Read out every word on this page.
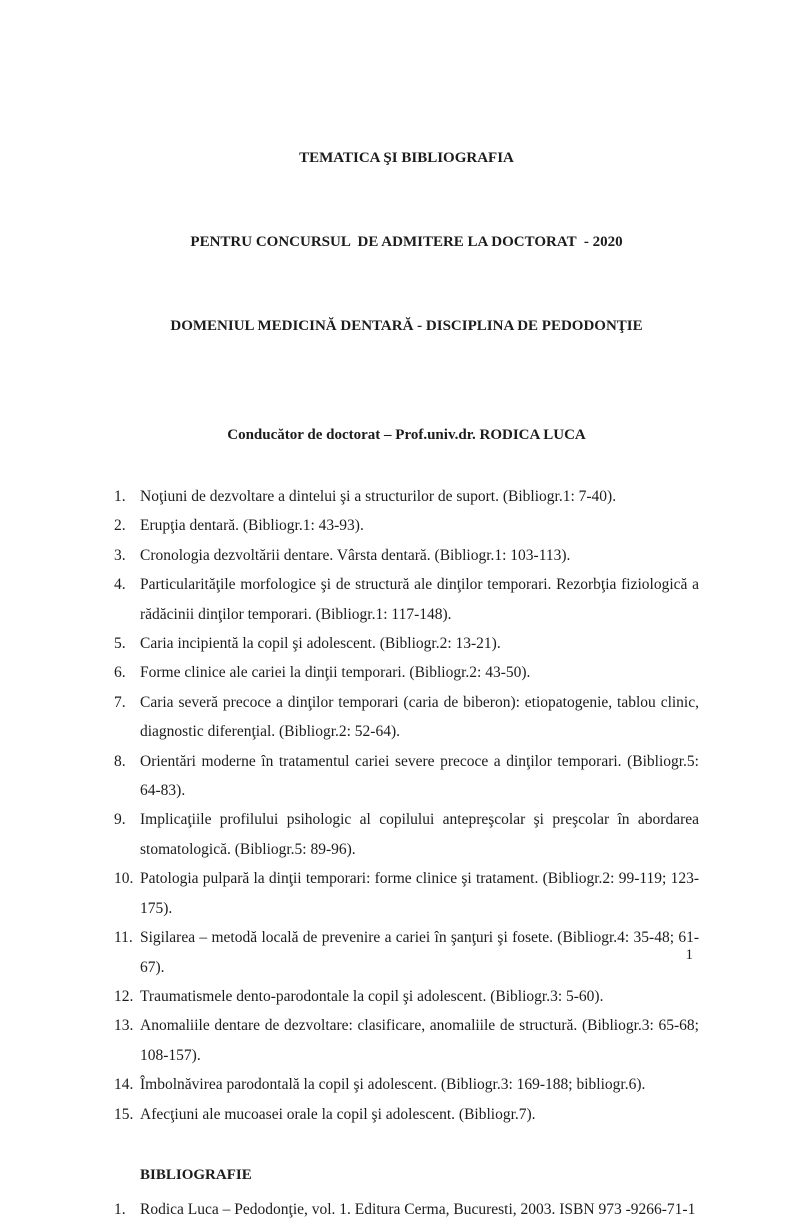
TEMATICA ŞI BIBLIOGRAFIA

PENTRU CONCURSUL  DE ADMITERE LA DOCTORAT  - 2020

DOMENIUL MEDICINĂ DENTARĂ - DISCIPLINA DE PEDODONŢIE

Conducător de doctorat – Prof.univ.dr. RODICA LUCA
1. Noţiuni de dezvoltare a dintelui şi a structurilor de suport. (Bibliogr.1: 7-40).
2. Erupţia dentară. (Bibliogr.1: 43-93).
3. Cronologia dezvoltării dentare. Vârsta dentară. (Bibliogr.1: 103-113).
4. Particularităţile morfologice şi de structură ale dinţilor temporari. Rezorbţia fiziologică a rădăcinii dinţilor temporari. (Bibliogr.1: 117-148).
5. Caria incipientă la copil şi adolescent. (Bibliogr.2: 13-21).
6. Forme clinice ale cariei la dinţii temporari. (Bibliogr.2: 43-50).
7. Caria severă precoce a dinţilor temporari (caria de biberon): etiopatogenie, tablou clinic, diagnostic diferenţial. (Bibliogr.2: 52-64).
8. Orientări moderne în tratamentul cariei severe precoce a dinţilor temporari. (Bibliogr.5: 64-83).
9. Implicaţiile profilului psihologic al copilului antepreşcolar şi preşcolar în abordarea stomatologică. (Bibliogr.5: 89-96).
10. Patologia pulpară la dinţii temporari: forme clinice şi tratament. (Bibliogr.2: 99-119; 123-175).
11. Sigilarea – metodă locală de prevenire a cariei în şanţuri şi fosete. (Bibliogr.4: 35-48; 61-67).
12. Traumatismele dento-parodontale la copil şi adolescent. (Bibliogr.3: 5-60).
13. Anomaliile dentare de dezvoltare: clasificare, anomaliile de structură. (Bibliogr.3: 65-68; 108-157).
14. Îmbolnăvirea parodontală la copil şi adolescent. (Bibliogr.3: 169-188; bibliogr.6).
15. Afecţiuni ale mucoasei orale la copil şi adolescent. (Bibliogr.7).
BIBLIOGRAFIE
1. Rodica Luca – Pedodonţie, vol. 1. Editura Cerma, Bucuresti, 2003. ISBN 973 -9266-71-1
1
